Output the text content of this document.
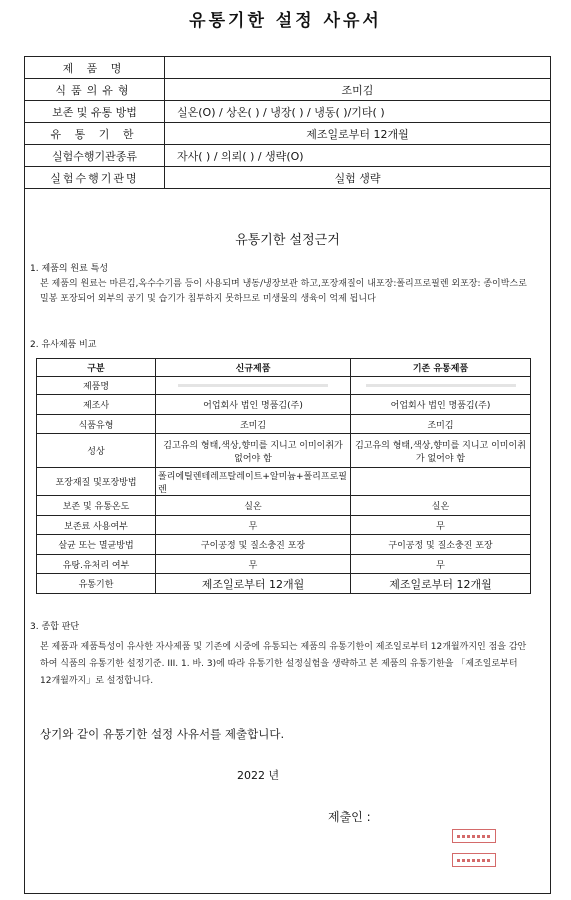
유통기한 설정 사유서
제 품 명	
식품의유형	조미김
보존 및 유통 방법	실온(O) / 상온( ) / 냉장( ) / 냉동( )/기타( )
유 통 기 한	제조일로부터 12개월
실험수행기관종류	자사( ) / 의뢰( ) / 생략(O)
실험수행기관명	실험 생략
유통기한 설정근거
1. 제품의 원료 특성
본 제품의 원료는 마른김,옥수수기름 등이 사용되며 냉동/냉장보관 하고,포장재질이 내포장:폴리프로필렌 외포장: 종이박스로 밀봉 포장되어 외부의 공기 및 습기가 침투하지 못하므로 미생물의 생육이 억제 됩니다
2. 유사제품 비교
구분	신규제품	기존 유통제품
제품명		
제조사	어업회사 법인 명품김(주)	어업회사 법인 명품김(주)
식품유형	조미김	조미김
성상	김고유의 형태,색상,향미를 지니고 이미이취가 없어야 함	김고유의 형태,색상,향미를 지니고 이미이취가 없어야 함
포장재질 및포장방법	폴리에틸렌테레프탈레이트+알미늄+폴리프로필렌	
보존 및 유통온도	실온	실온
보존료 사용여부	무	무
살균 또는 멸균방법	구이공정 및 질소충진 포장	구이공정 및 질소충진 포장
유탕.유처리 여부	무	무
유통기한	제조일로부터 12개월	제조일로부터 12개월
3. 종합 판단
본 제품과 제품특성이 유사한 자사제품 및 기존에 시중에 유통되는 제품의 유통기한이 제조일로부터 12개월까지인 점을 감안하여 식품의 유통기한 설정기준. III. 1. 바. 3)에 따라 유통기한 설정실험을 생략하고 본 제품의 유통기한을 「제조일로부터 12개월까지」로 설정합니다.
상기와 같이 유통기한 설정 사유서를 제출합니다.
2022 년
제출인 :
